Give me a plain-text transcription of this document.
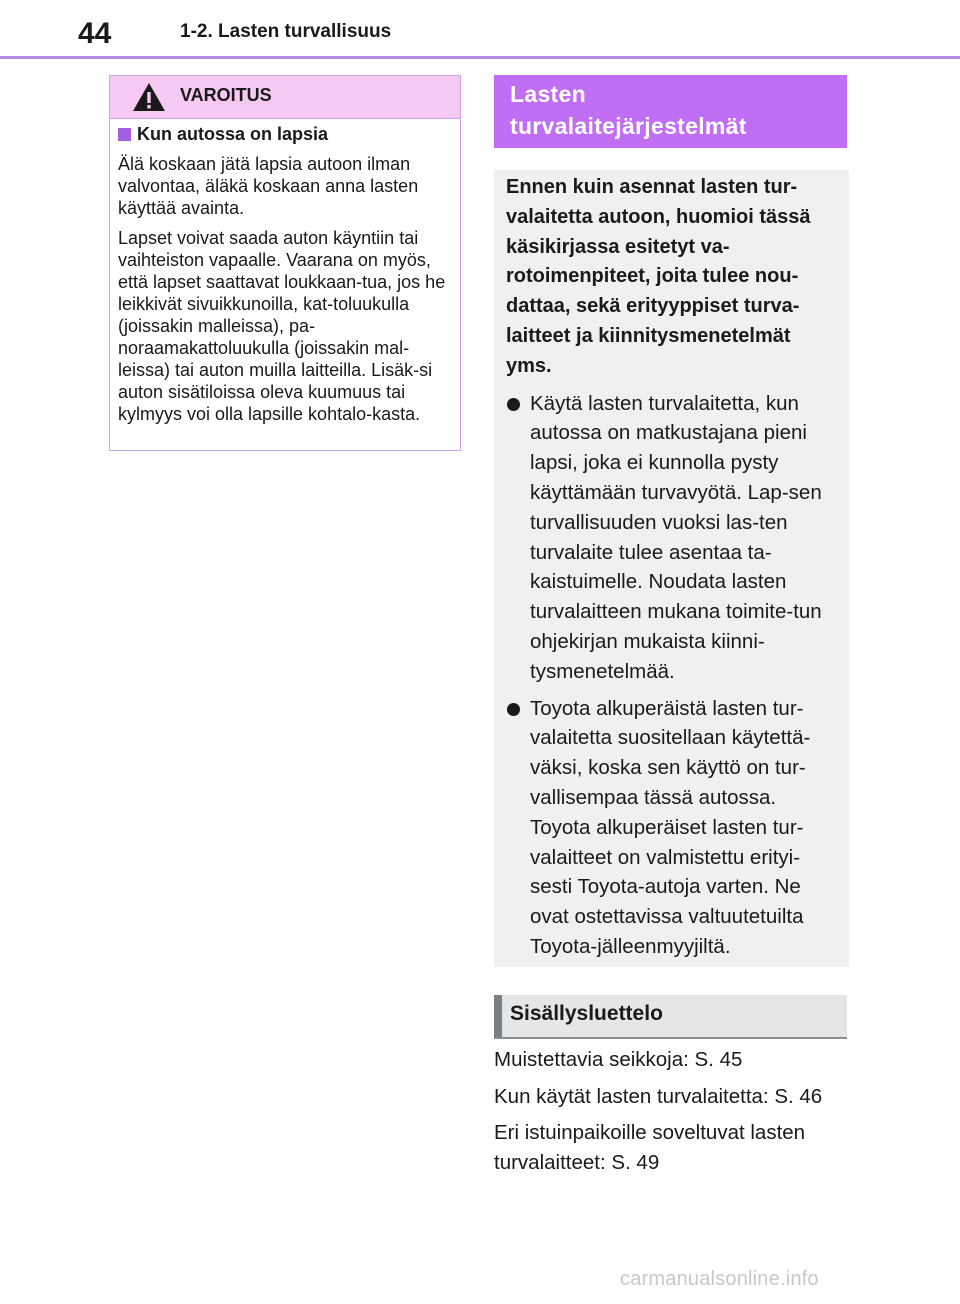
44	1-2. Lasten turvallisuus
VAROITUS
Kun autossa on lapsia

Älä koskaan jätä lapsia autoon ilman valvontaa, äläkä koskaan anna lasten käyttää avainta.

Lapset voivat saada auton käyntiin tai vaihteiston vapaalle. Vaarana on myös, että lapset saattavat loukkaan-tua, jos he leikkivät sivuikkunoilla, kat-toluukulla (joissakin malleissa), pa-noraamakattoluukulla (joissakin mal-leissa) tai auton muilla laitteilla. Lisäk-si auton sisätiloissa oleva kuumuus tai kylmyys voi olla lapsille kohtalo-kasta.

Lasten
turvalaitejärjestelmät

Ennen kuin asennat lasten tur-valaitetta autoon, huomioi tässä käsikirjassa esitetyt va-rotoimenpiteet, joita tulee nou-dattaa, sekä erityyppiset turva-laitteet ja kiinnitysmenetelmät yms.

Käytä lasten turvalaitetta, kun autossa on matkustajana pieni lapsi, joka ei kunnolla pysty käyttämään turvavyötä. Lap-sen turvallisuuden vuoksi las-ten turvalaite tulee asentaa ta-kaistuimelle. Noudata lasten turvalaitteen mukana toimite-tun ohjekirjan mukaista kiinni-tysmenetelmää.
Toyota alkuperäistä lasten tur-valaitetta suositellaan käytettä-väksi, koska sen käyttö on tur-vallisempaa tässä autossa. Toyota alkuperäiset lasten tur-valaitteet on valmistettu erityi-sesti Toyota-autoja varten. Ne ovat ostettavissa valtuutetuilta Toyota-jälleenmyyjiltä.
Sisällysluettelo

Muistettavia seikkoja: S. 45

Kun käytät lasten turvalaitetta: S. 46

Eri istuinpaikoille soveltuvat lasten turvalaitteet: S. 49

carmanualsonline.info
